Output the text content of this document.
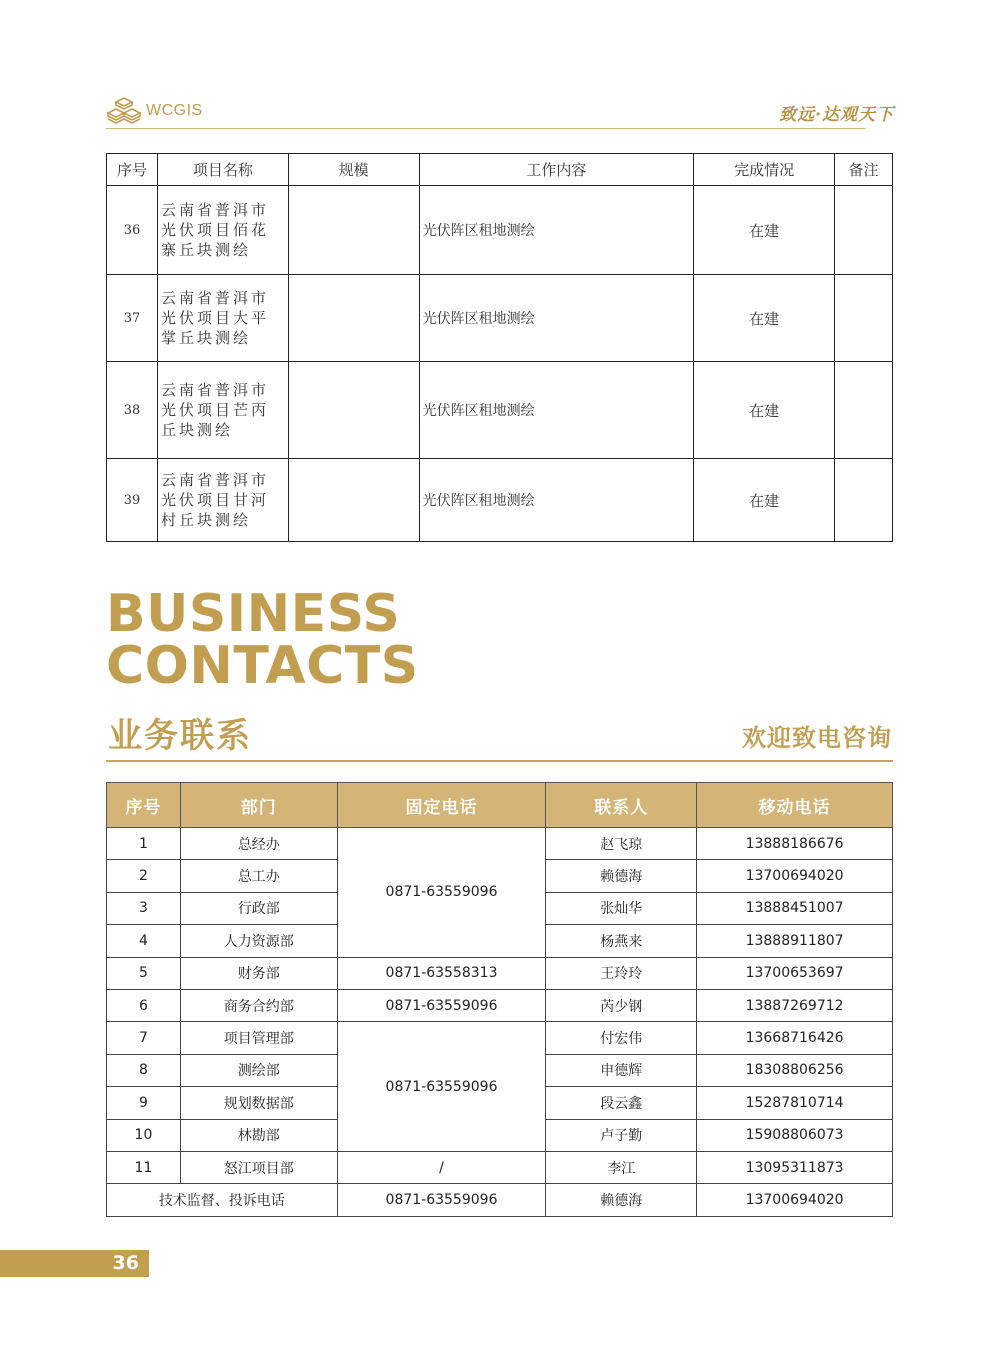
WCGIS	致远·达观天下
序号	项目名称	规模	工作内容	完成情况	备注
36	云南省普洱市光伏项目佰花寨丘块测绘		光伏阵区租地测绘	在建	
37	云南省普洱市光伏项目大平掌丘块测绘		光伏阵区租地测绘	在建	
38	云南省普洱市光伏项目芒丙丘块测绘		光伏阵区租地测绘	在建	
39	云南省普洱市光伏项目甘河村丘块测绘		光伏阵区租地测绘	在建	
BUSINESS
CONTACTS
业务联系	欢迎致电咨询
序号	部门	固定电话	联系人	移动电话
1	总经办	0871-63559096	赵飞琼	13888186676
2	总工办		赖德海	13700694020
3	行政部		张灿华	13888451007
4	人力资源部		杨燕来	13888911807
5	财务部	0871-63558313	王玲玲	13700653697
6	商务合约部	0871-63559096	芮少钢	13887269712
7	项目管理部	0871-63559096	付宏伟	13668716426
8	测绘部		申德辉	18308806256
9	规划数据部		段云鑫	15287810714
10	林勘部		卢子勤	15908806073
11	怒江项目部	/	李江	13095311873
技术监督、投诉电话		0871-63559096	赖德海	13700694020
36
